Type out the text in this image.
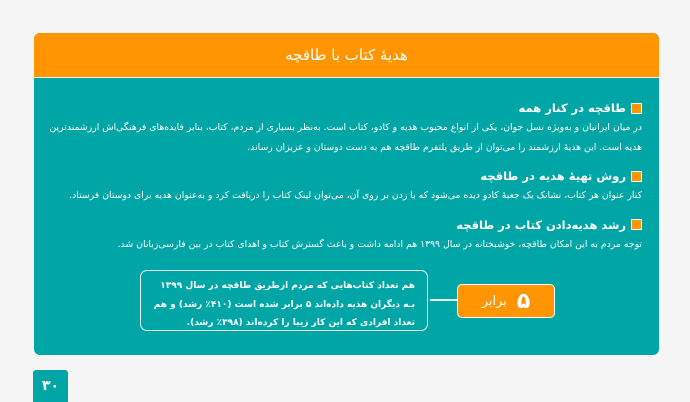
هدیهٔ کتاب با طاقچه
طاقچه در کنار همه

در میان ایرانیان و به‌ویژه نسل جوان، یکی از انواع محبوب هدیه و کادو، کتاب است. به‌نظر بسیاری از مردم، کتاب، بنابر فایده‌های فرهنگی‌اش ارزشمندترین هدیه است. این هدیهٔ ارزشمند را می‌توان از طریق پلتفرم طاقچه هم به دست دوستان و عزیزان رساند.

روش تهیهٔ هدیه در طاقچه

کنار عنوان هر کتاب، نشانک یک جعبهٔ کادو دیده می‌شود که با زدن بر روی آن، می‌توان لینک کتاب را دریافت کرد و به‌عنوان هدیه برای دوستان فرستاد.

رشد هدیه‌دادن کتاب در طاقچه

توجه مردم به این امکان طاقچه، خوشبختانه در سال ۱۳۹۹ هم ادامه داشت و باعث گسترش کتاب و اهدای کتاب در بین فارسی‌زبانان شد.

۵
برابر
هم تعداد کتاب‌هایی که مردم ازطریق طاقچه در سال ۱۳۹۹ بـه دیگران هدیه داده‌اند ۵ برابر شده است (۴۱۰٪ رشد) و هم تعداد افرادی که این کار زیبا را کرده‌اند (۳۹۸٪ رشد).
۳۰
